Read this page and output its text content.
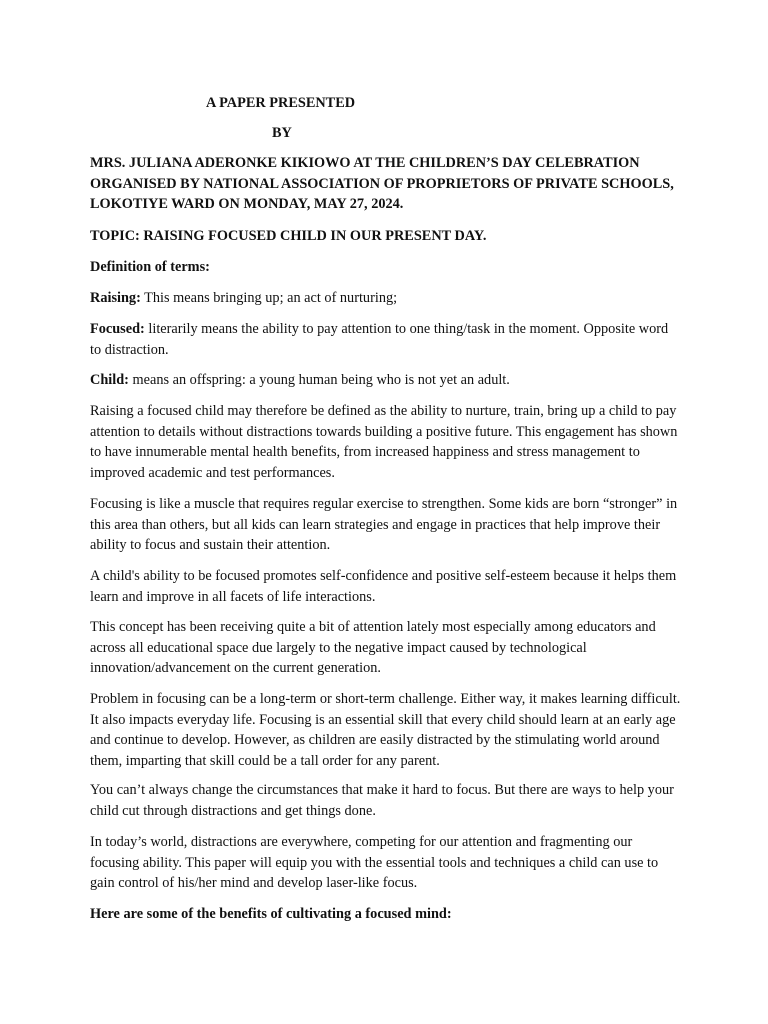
A PAPER PRESENTED
BY
MRS. JULIANA ADERONKE KIKIOWO AT THE CHILDREN’S DAY CELEBRATION ORGANISED BY NATIONAL ASSOCIATION OF PROPRIETORS OF PRIVATE SCHOOLS, LOKOTIYE WARD ON MONDAY, MAY 27, 2024.
TOPIC: RAISING FOCUSED CHILD IN OUR PRESENT DAY.
Definition of terms:

Raising: This means bringing up; an act of nurturing;

Focused: literarily means the ability to pay attention to one thing/task in the moment. Opposite word to distraction.

Child: means an offspring: a young human being who is not yet an adult.

Raising a focused child may therefore be defined as the ability to nurture, train, bring up a child to pay attention to details without distractions towards building a positive future. This engagement has shown to have innumerable mental health benefits, from increased happiness and stress management to improved academic and test performances.
Focusing is like a muscle that requires regular exercise to strengthen. Some kids are born “stronger” in this area than others, but all kids can learn strategies and engage in practices that help improve their ability to focus and sustain their attention.
A child's ability to be focused promotes self-confidence and positive self-esteem because it helps them learn and improve in all facets of life interactions.
This concept has been receiving quite a bit of attention lately most especially among educators and across all educational space due largely to the negative impact caused by technological innovation/advancement on the current generation.
Problem in focusing can be a long-term or short-term challenge. Either way, it makes learning difficult. It also impacts everyday life. Focusing is an essential skill that every child should learn at an early age and continue to develop. However, as children are easily distracted by the stimulating world around them, imparting that skill could be a tall order for any parent.
You can’t always change the circumstances that make it hard to focus. But there are ways to help your child cut through distractions and get things done.
In today’s world, distractions are everywhere, competing for our attention and fragmenting our focusing ability. This paper will equip you with the essential tools and techniques a child can use to gain control of his/her mind and develop laser-like focus.
Here are some of the benefits of cultivating a focused mind:
